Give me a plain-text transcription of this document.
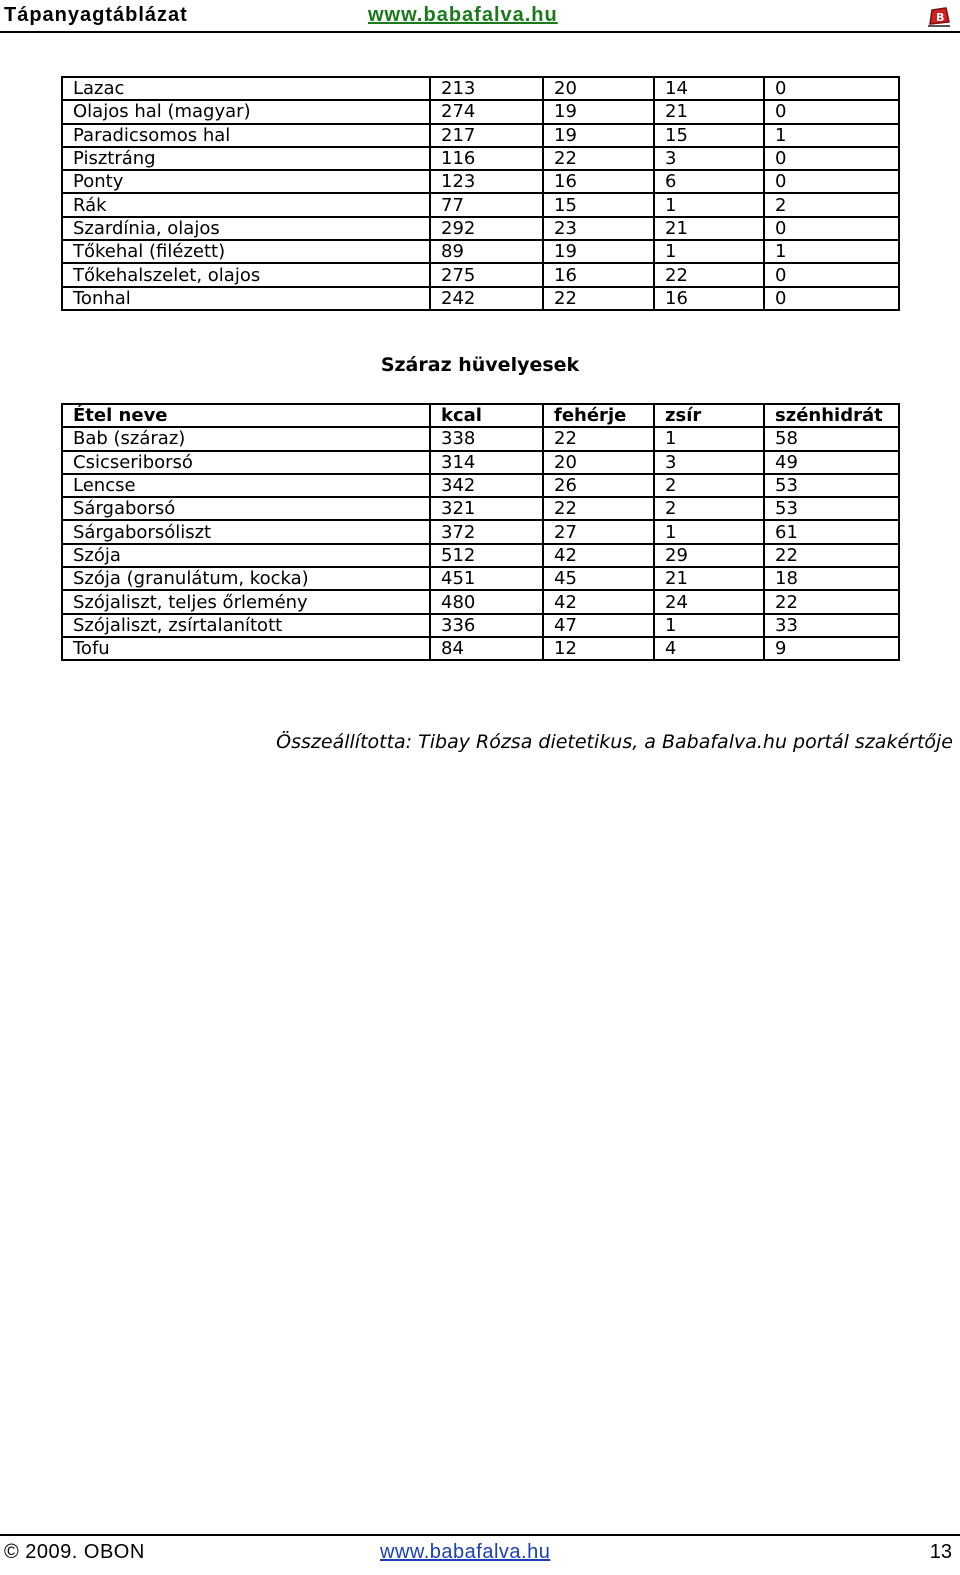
Tápanyagtáblázat	www.babafalva.hu	B
Lazac	213	20	14	0
Olajos hal (magyar)	274	19	21	0
Paradicsomos hal	217	19	15	1
Pisztráng	116	22	3	0
Ponty	123	16	6	0
Rák	77	15	1	2
Szardínia, olajos	292	23	21	0
Tőkehal (filézett)	89	19	1	1
Tőkehalszelet, olajos	275	16	22	0
Tonhal	242	22	16	0
Száraz hüvelyesek
Étel neve	kcal	fehérje	zsír	szénhidrát
Bab (száraz)	338	22	1	58
Csicseriborsó	314	20	3	49
Lencse	342	26	2	53
Sárgaborsó	321	22	2	53
Sárgaborsóliszt	372	27	1	61
Szója	512	42	29	22
Szója (granulátum, kocka)	451	45	21	18
Szójaliszt, teljes őrlemény	480	42	24	22
Szójaliszt, zsírtalanított	336	47	1	33
Tofu	84	12	4	9
Összeállította: Tibay Rózsa dietetikus, a Babafalva.hu portál szakértője
© 2009. OBON	www.babafalva.hu	13
